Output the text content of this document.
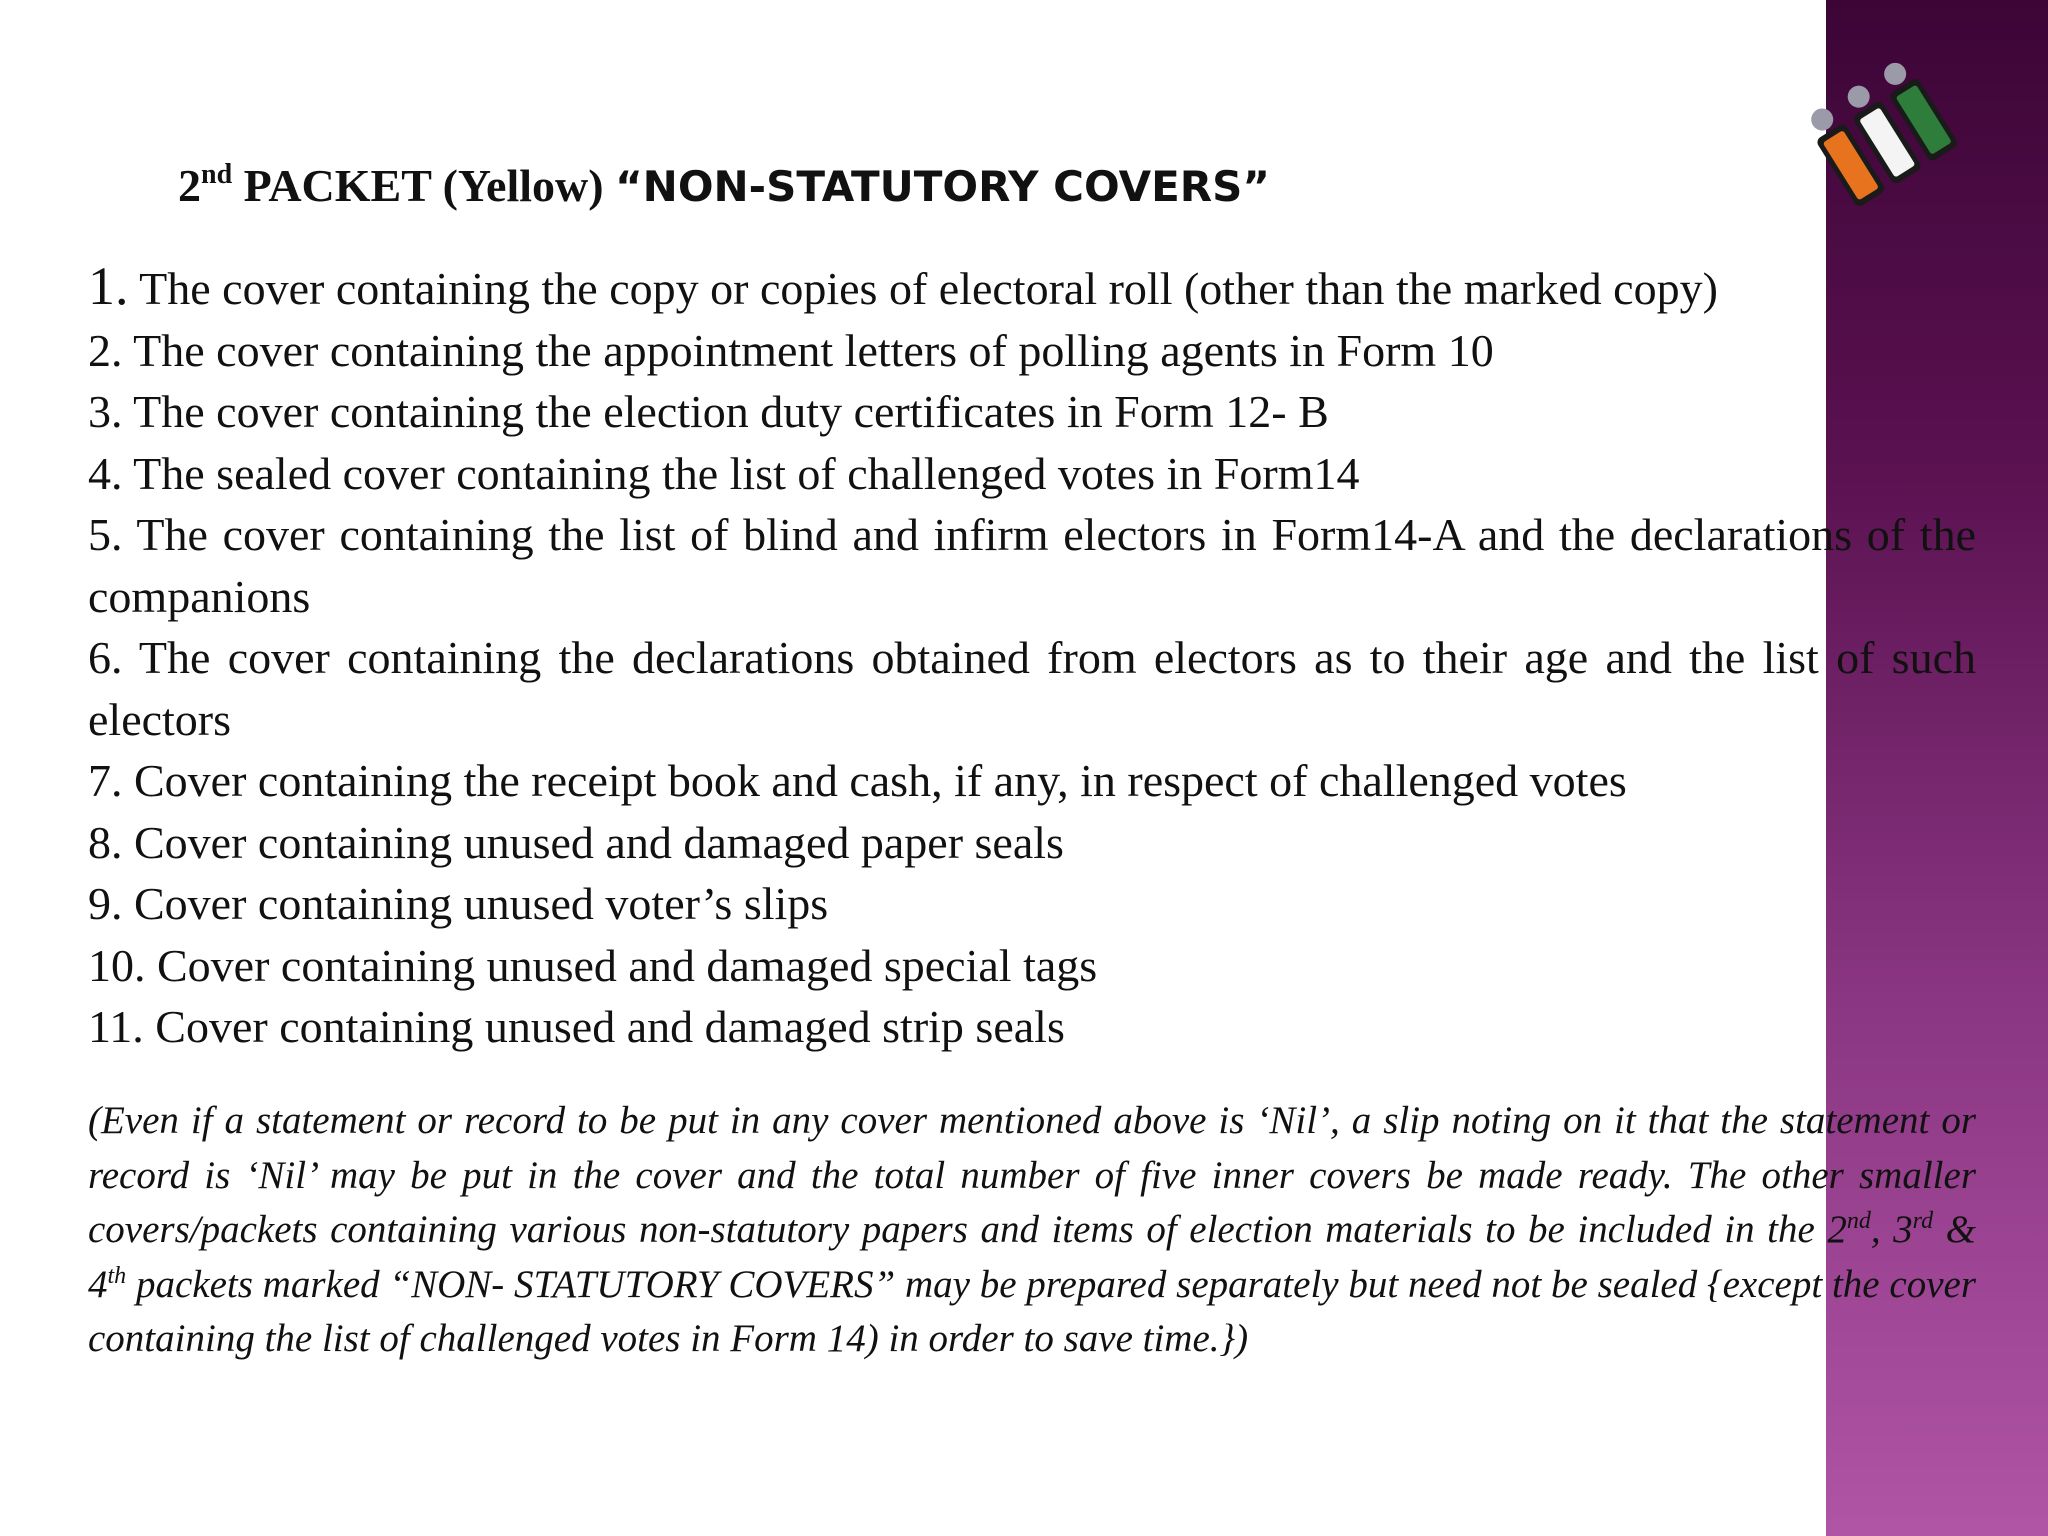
2nd PACKET (Yellow) “NON-STATUTORY COVERS”
1. The cover containing the copy or copies of electoral roll (other than the marked copy)
2. The cover containing the appointment letters of polling agents in Form 10
3. The cover containing the election duty certificates in Form 12- B
4. The sealed cover containing the list of challenged votes in Form14
5. The cover containing the list of blind and infirm electors in Form14-A and the declarations of the companions
6. The cover containing the declarations obtained from electors as to their age and the list of such electors
7. Cover containing the receipt book and cash, if any, in respect of challenged votes
8. Cover containing unused and damaged paper seals
9. Cover containing unused voter’s slips
10. Cover containing unused and damaged special tags
11. Cover containing unused and damaged strip seals
(Even if a statement or record to be put in any cover mentioned above is ‘Nil’, a slip noting on it that the statement or record is ‘Nil’ may be put in the cover and the total number of five inner covers be made ready. The other smaller covers/packets containing various non-statutory papers and items of election materials to be included in the 2nd, 3rd & 4th packets marked “NON- STATUTORY COVERS” may be prepared separately but need not be sealed {except the cover containing the list of challenged votes in Form 14) in order to save time.})
